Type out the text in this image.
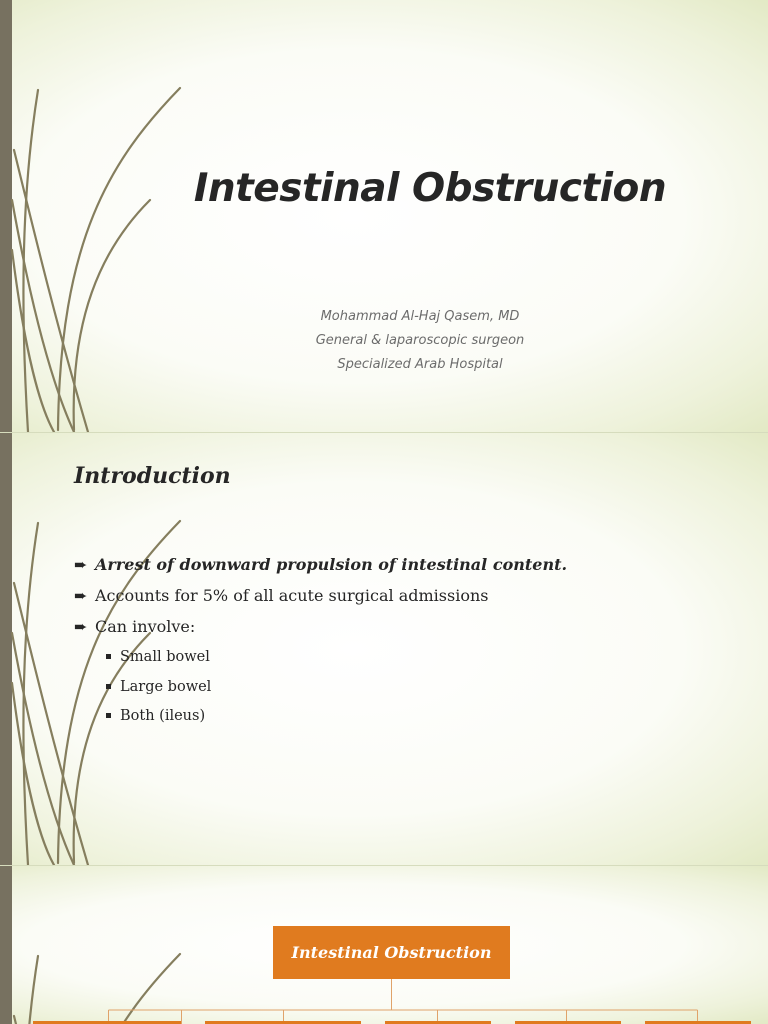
Intestinal Obstruction
Mohammad Al-Haj Qasem, MD
General & laparoscopic surgeon
Specialized Arab Hospital
Introduction
➨ Arrest of downward propulsion of intestinal content.
➨ Accounts for 5% of all acute surgical admissions
➨ Can involve:
Small bowel
Large bowel
Both (ileus)
Intestinal Obstruction
